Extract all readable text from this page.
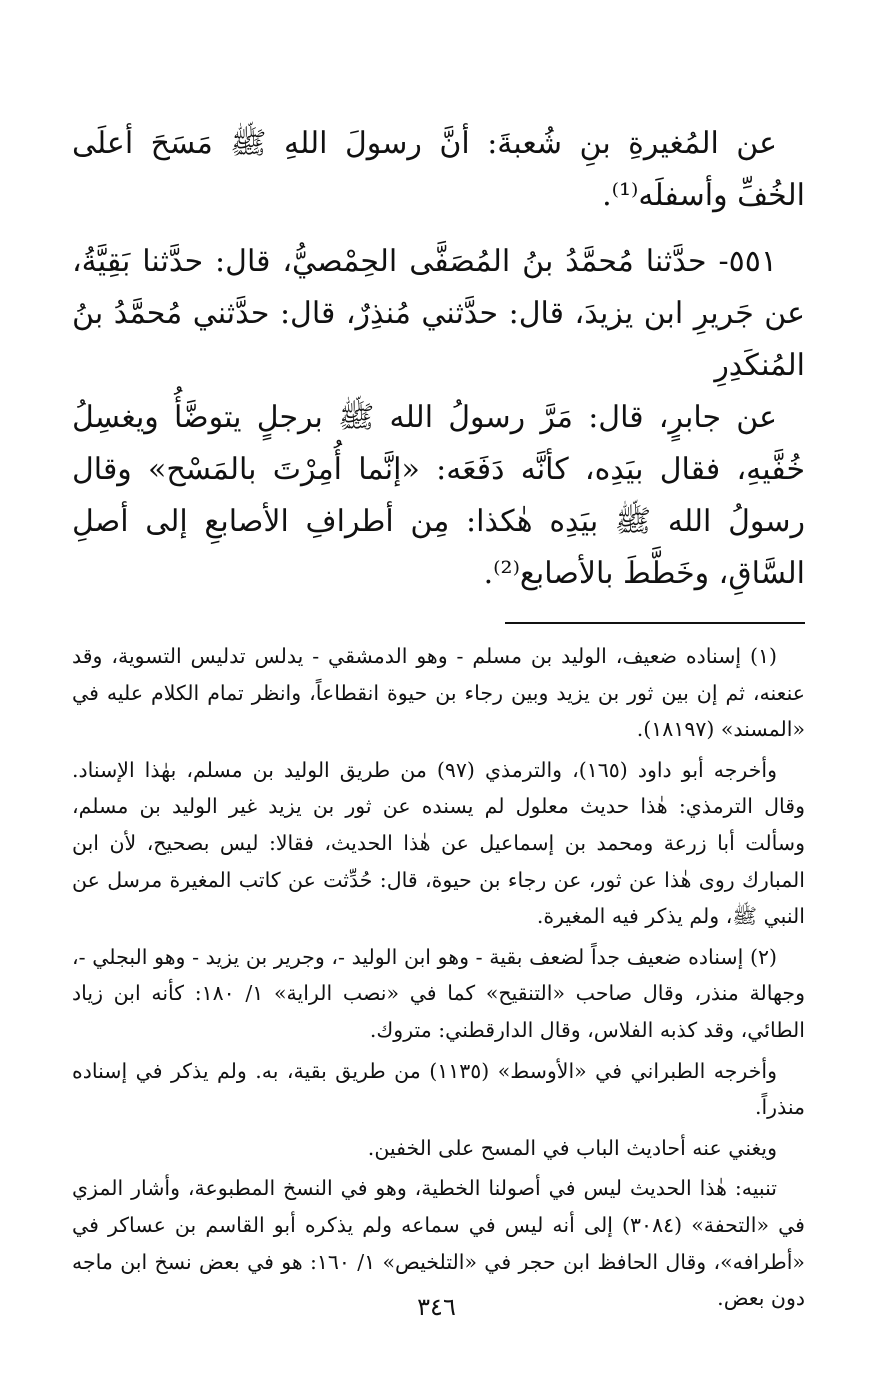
عن المُغيرةِ بنِ شُعبةَ: أنَّ رسولَ اللهِ ﷺ مَسَحَ أعلَى الخُفِّ وأسفلَه⁽¹⁾.

٥٥١- حدَّثنا مُحمَّدُ بنُ المُصَفَّى الحِمْصيُّ، قال: حدَّثنا بَقِيَّةُ، عن جَريرِ ابن يزيدَ، قال: حدَّثني مُنذِرٌ، قال: حدَّثني مُحمَّدُ بنُ المُنكَدِرِ

عن جابرٍ، قال: مَرَّ رسولُ الله ﷺ برجلٍ يتوضَّأُ ويغسِلُ خُفَّيهِ، فقال بيَدِه، كأنَّه دَفَعَه: «إنَّما أُمِرْتَ بالمَسْح» وقال رسولُ الله ﷺ بيَدِه هٰكذا: مِن أطرافِ الأصابعِ إلى أصلِ السَّاقِ، وخَطَّطَ بالأصابع⁽²⁾.

(١) إسناده ضعيف، الوليد بن مسلم - وهو الدمشقي - يدلس تدليس التسوية، وقد عنعنه، ثم إن بين ثور بن يزيد وبين رجاء بن حيوة انقطاعاً، وانظر تمام الكلام عليه في «المسند» (١٨١٩٧).

وأخرجه أبو داود (١٦٥)، والترمذي (٩٧) من طريق الوليد بن مسلم، بهٰذا الإسناد. وقال الترمذي: هٰذا حديث معلول لم يسنده عن ثور بن يزيد غير الوليد بن مسلم، وسألت أبا زرعة ومحمد بن إسماعيل عن هٰذا الحديث، فقالا: ليس بصحيح، لأن ابن المبارك روى هٰذا عن ثور، عن رجاء بن حيوة، قال: حُدِّثت عن كاتب المغيرة مرسل عن النبي ﷺ، ولم يذكر فيه المغيرة.

(٢) إسناده ضعيف جداً لضعف بقية - وهو ابن الوليد -، وجرير بن يزيد - وهو البجلي -، وجهالة منذر، وقال صاحب «التنقيح» كما في «نصب الراية» ١/ ١٨٠: كأنه ابن زياد الطائي، وقد كذبه الفلاس، وقال الدارقطني: متروك.

وأخرجه الطبراني في «الأوسط» (١١٣٥) من طريق بقية، به. ولم يذكر في إسناده منذراً.

ويغني عنه أحاديث الباب في المسح على الخفين.

تنبيه: هٰذا الحديث ليس في أصولنا الخطية، وهو في النسخ المطبوعة، وأشار المزي في «التحفة» (٣٠٨٤) إلى أنه ليس في سماعه ولم يذكره أبو القاسم بن عساكر في «أطرافه»، وقال الحافظ ابن حجر في «التلخيص» ١/ ١٦٠: هو في بعض نسخ ابن ماجه دون بعض.

٣٤٦
